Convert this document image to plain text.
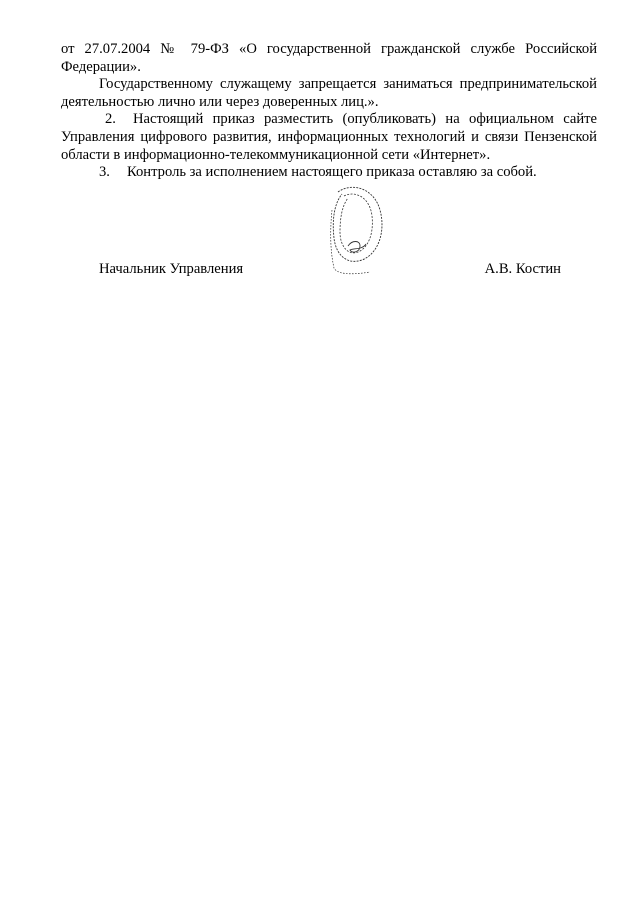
от 27.07.2004 № 79-ФЗ «О государственной гражданской службе Российской Федерации».

Государственному служащему запрещается заниматься предпринимательской деятельностью лично или через доверенных лиц.».

2. Настоящий приказ разместить (опубликовать) на официальном сайте Управления цифрового развития, информационных технологий и связи Пензенской области в информационно-телекоммуникационной сети «Интернет».

3. Контроль за исполнением настоящего приказа оставляю за собой.

Начальник Управления	А.В. Костин
